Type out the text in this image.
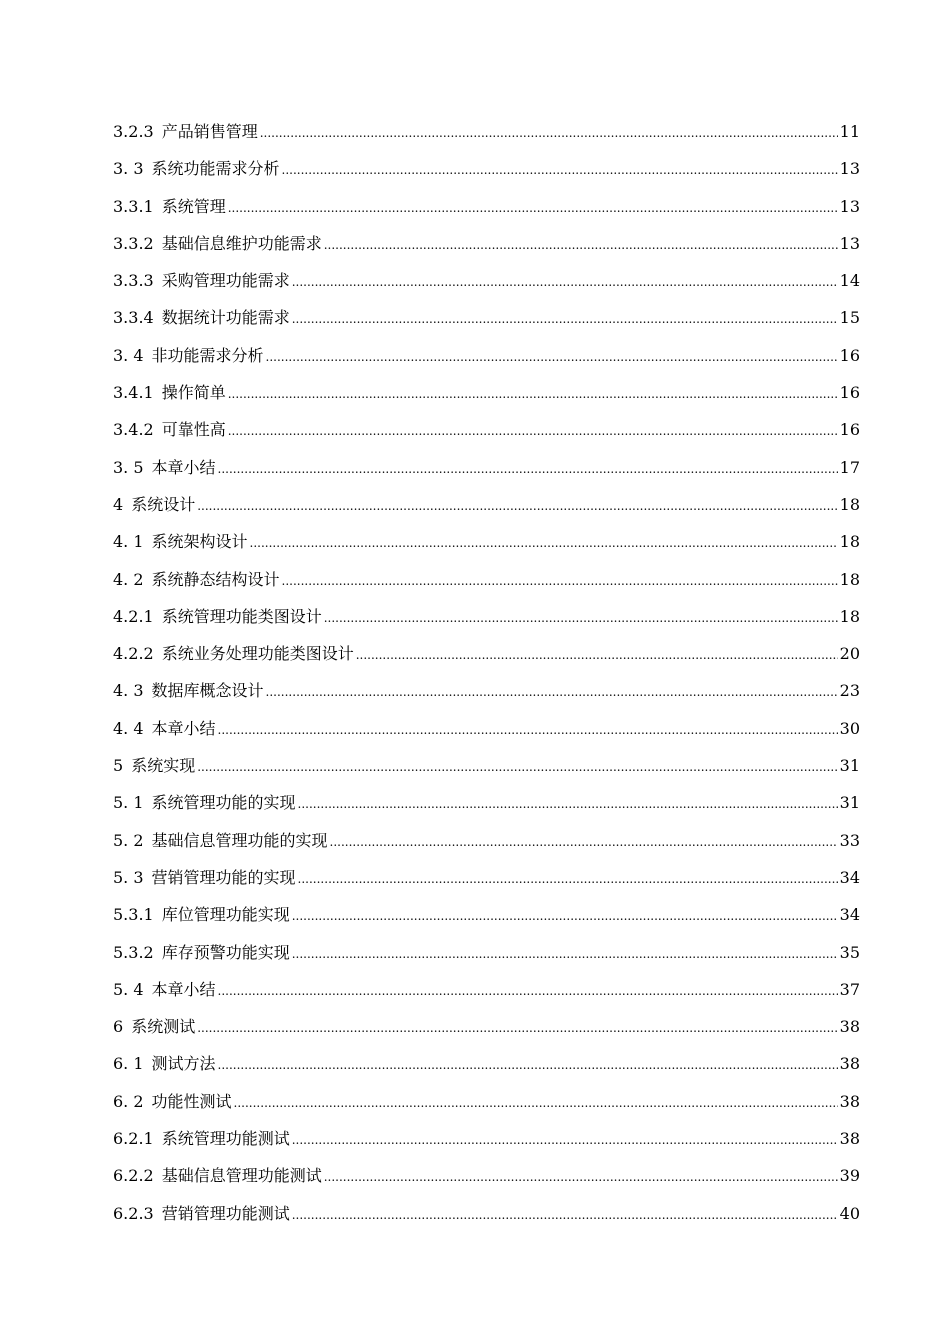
3.2.3 产品销售管理 .....	11
3. 3 系统功能需求分析 .....	13
3.3.1 系统管理 .....	13
3.3.2 基础信息维护功能需求 .....	13
3.3.3 采购管理功能需求 .....	14
3.3.4 数据统计功能需求 .....	15
3. 4 非功能需求分析 .....	16
3.4.1 操作简单 .....	16
3.4.2 可靠性高 .....	16
3. 5 本章小结 .....	17
4 系统设计 .....	18
4. 1 系统架构设计 .....	18
4. 2 系统静态结构设计 .....	18
4.2.1 系统管理功能类图设计 .....	18
4.2.2 系统业务处理功能类图设计 .....	20
4. 3 数据库概念设计 .....	23
4. 4 本章小结 .....	30
5 系统实现 .....	31
5. 1 系统管理功能的实现 .....	31
5. 2 基础信息管理功能的实现 .....	33
5. 3 营销管理功能的实现 .....	34
5.3.1 库位管理功能实现 .....	34
5.3.2 库存预警功能实现 .....	35
5. 4 本章小结 .....	37
6 系统测试 .....	38
6. 1 测试方法 .....	38
6. 2 功能性测试 .....	38
6.2.1 系统管理功能测试 .....	38
6.2.2 基础信息管理功能测试 .....	39
6.2.3 营销管理功能测试 .....	40
